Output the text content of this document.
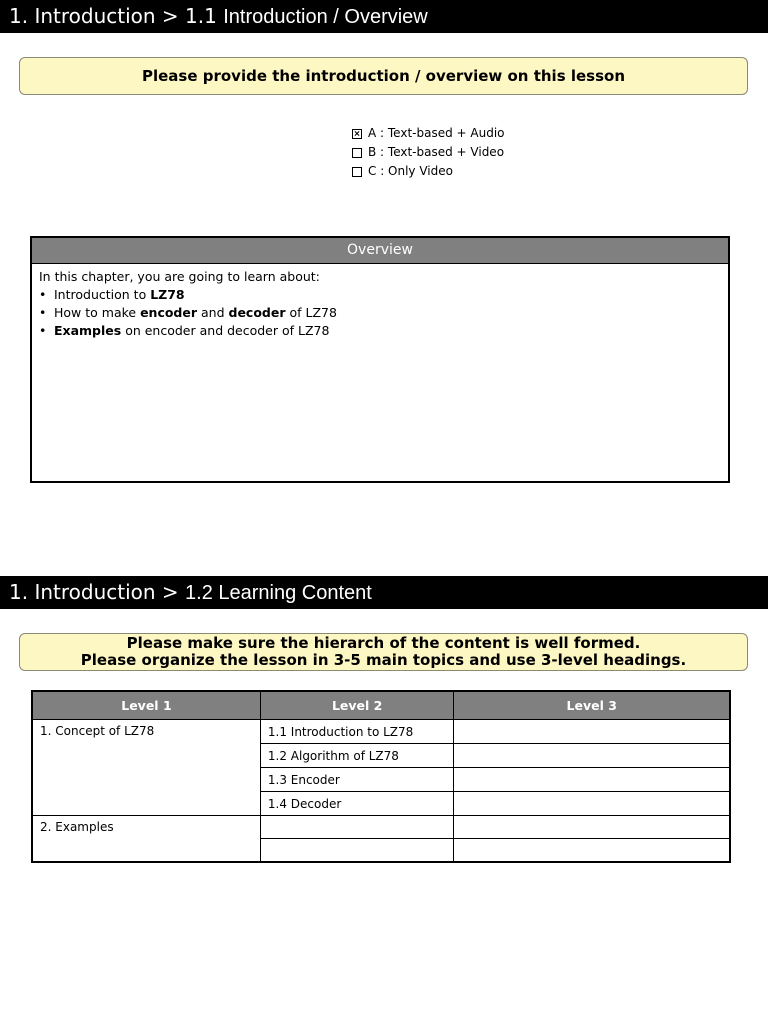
1. Introduction > 1.1 Introduction / Overview
Please provide the introduction / overview on this lesson
A : Text-based + Audio
B : Text-based + Video
C : Only Video
Overview
In this chapter, you are going to learn about:
• Introduction to LZ78
• How to make encoder and decoder of LZ78
• Examples on encoder and decoder of LZ78
1. Introduction > 1.2 Learning Content
Please make sure the hierarch of the content is well formed.
Please organize the lesson in 3-5 main topics and use 3-level headings.
Level 1	Level 2	Level 3
1. Concept of LZ78	1.1 Introduction to LZ78	
	1.2 Algorithm of LZ78	
	1.3 Encoder	
	1.4 Decoder	
2. Examples		
